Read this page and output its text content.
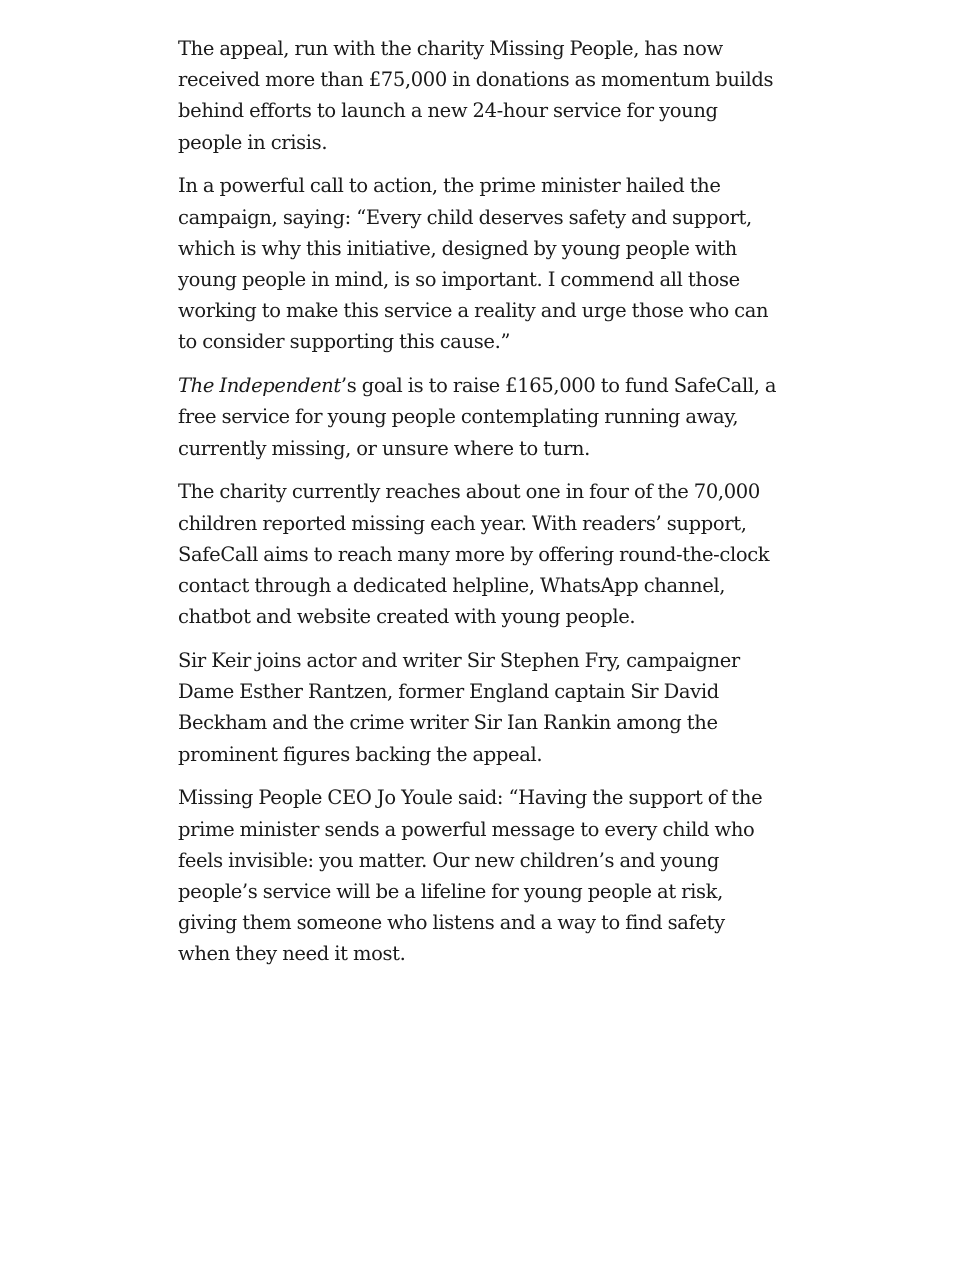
The appeal, run with the charity Missing People, has now received more than £75,000 in donations as momentum builds behind efforts to launch a new 24-hour service for young people in crisis.

In a powerful call to action, the prime minister hailed the campaign, saying: “Every child deserves safety and support, which is why this initiative, designed by young people with young people in mind, is so important. I commend all those working to make this service a reality and urge those who can to consider supporting this cause.”

The Independent’s goal is to raise £165,000 to fund SafeCall, a free service for young people contemplating running away, currently missing, or unsure where to turn.

The charity currently reaches about one in four of the 70,000 children reported missing each year. With readers’ support, SafeCall aims to reach many more by offering round-the-clock contact through a dedicated helpline, WhatsApp channel, chatbot and website created with young people.

Sir Keir joins actor and writer Sir Stephen Fry, campaigner Dame Esther Rantzen, former England captain Sir David Beckham and the crime writer Sir Ian Rankin among the prominent figures backing the appeal.

Missing People CEO Jo Youle said: “Having the support of the prime minister sends a powerful message to every child who feels invisible: you matter. Our new children’s and young people’s service will be a lifeline for young people at risk, giving them someone who listens and a way to find safety when they need it most.
